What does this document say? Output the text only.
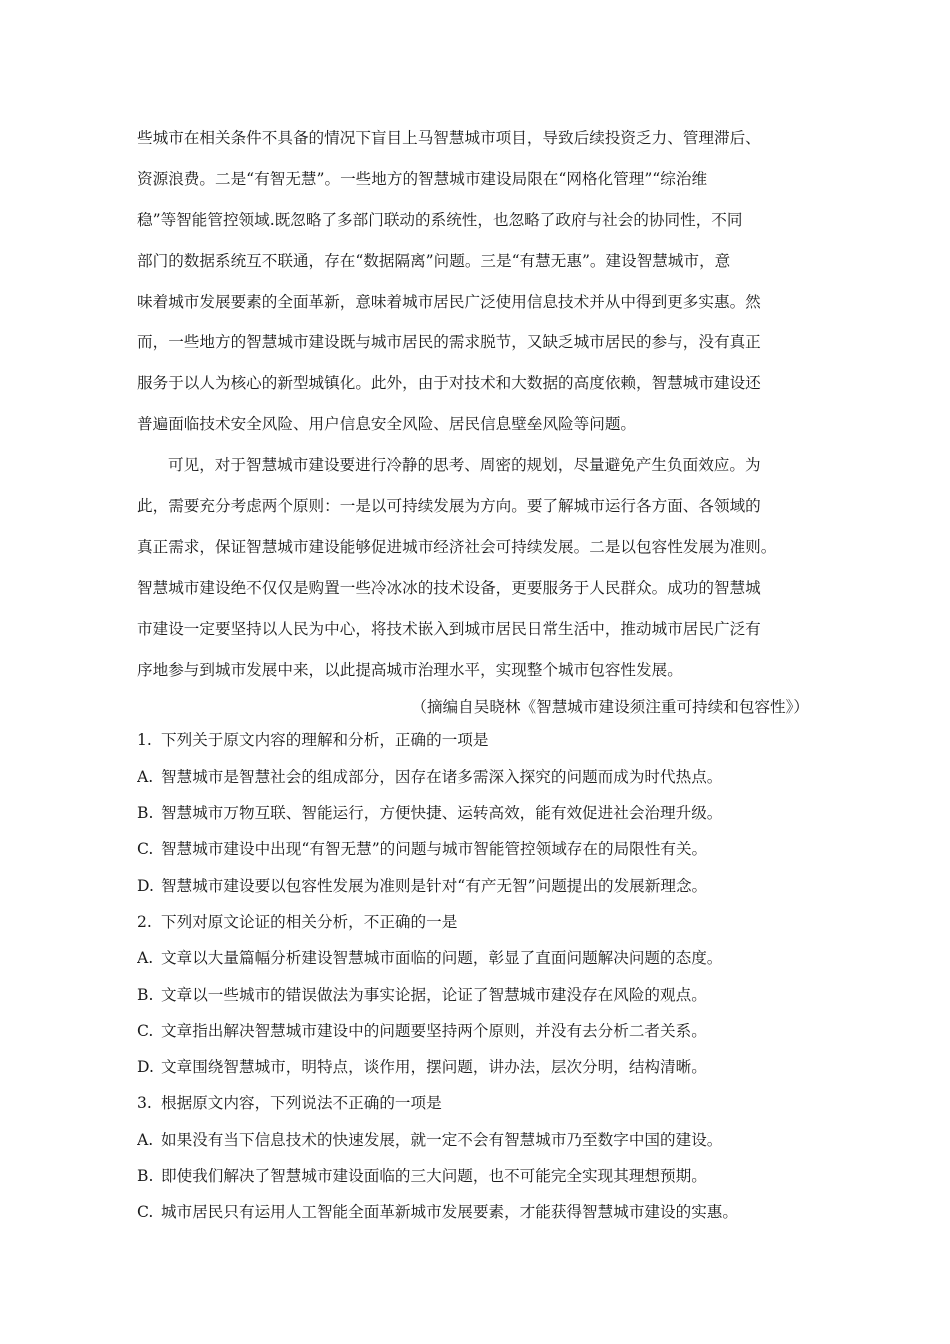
些城市在相关条件不具备的情况下盲目上马智慧城市项目，导致后续投资乏力、管理滞后、
资源浪费。二是“有智无慧”。一些地方的智慧城市建设局限在“网格化管理”“综治维
稳”等智能管控领域.既忽略了多部门联动的系统性，也忽略了政府与社会的协同性，不同
部门的数据系统互不联通，存在“数据隔离”问题。三是“有慧无惠”。建设智慧城市，意
味着城市发展要素的全面革新，意味着城市居民广泛使用信息技术并从中得到更多实惠。然
而，一些地方的智慧城市建设既与城市居民的需求脱节，又缺乏城市居民的参与，没有真正
服务于以人为核心的新型城镇化。此外，由于对技术和大数据的高度依赖，智慧城市建设还
普遍面临技术安全风险、用户信息安全风险、居民信息壁垒风险等问题。
可见，对于智慧城市建设要进行冷静的思考、周密的规划，尽量避免产生负面效应。为
此，需要充分考虑两个原则：一是以可持续发展为方向。要了解城市运行各方面、各领域的
真正需求，保证智慧城市建设能够促进城市经济社会可持续发展。二是以包容性发展为准则。
智慧城市建设绝不仅仅是购置一些冷冰冰的技术设备，更要服务于人民群众。成功的智慧城
市建设一定要坚持以人民为中心，将技术嵌入到城市居民日常生活中，推动城市居民广泛有
序地参与到城市发展中来，以此提高城市治理水平，实现整个城市包容性发展。
（摘编自吴晓林《智慧城市建设须注重可持续和包容性》）
1. 下列关于原文内容的理解和分析，正确的一项是
A. 智慧城市是智慧社会的组成部分，因存在诸多需深入探究的问题而成为时代热点。
B. 智慧城市万物互联、智能运行，方便快捷、运转高效，能有效促进社会治理升级。
C. 智慧城市建设中出现“有智无慧”的问题与城市智能管控领域存在的局限性有关。
D. 智慧城市建设要以包容性发展为准则是针对“有产无智”问题提出的发展新理念。
2. 下列对原文论证的相关分析，不正确的一是
A. 文章以大量篇幅分析建设智慧城市面临的问题，彰显了直面问题解决问题的态度。
B. 文章以一些城市的错误做法为事实论据，论证了智慧城市建没存在风险的观点。
C. 文章指出解决智慧城市建设中的问题要坚持两个原则，并没有去分析二者关系。
D. 文章围绕智慧城市，明特点，谈作用，摆问题，讲办法，层次分明，结构清晰。
3. 根据原文内容，下列说法不正确的一项是
A. 如果没有当下信息技术的快速发展，就一定不会有智慧城市乃至数字中国的建设。
B. 即使我们解决了智慧城市建设面临的三大问题，也不可能完全实现其理想预期。
C. 城市居民只有运用人工智能全面革新城市发展要素，才能获得智慧城市建设的实惠。
